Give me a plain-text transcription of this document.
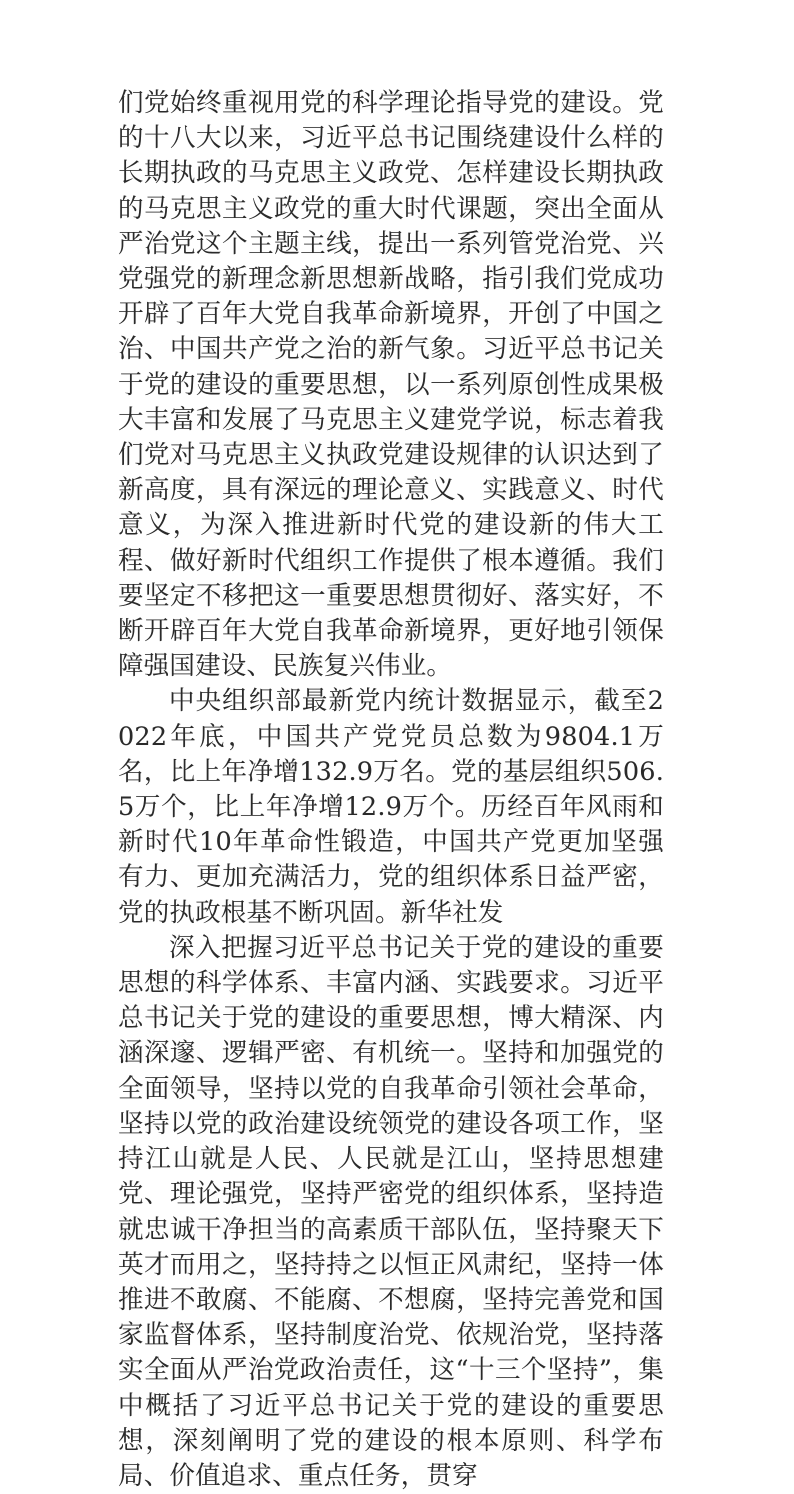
们党始终重视用党的科学理论指导党的建设。党的十八大以来，习近平总书记围绕建设什么样的长期执政的马克思主义政党、怎样建设长期执政的马克思主义政党的重大时代课题，突出全面从严治党这个主题主线，提出一系列管党治党、兴党强党的新理念新思想新战略，指引我们党成功开辟了百年大党自我革命新境界，开创了中国之治、中国共产党之治的新气象。习近平总书记关于党的建设的重要思想，以一系列原创性成果极大丰富和发展了马克思主义建党学说，标志着我们党对马克思主义执政党建设规律的认识达到了新高度，具有深远的理论意义、实践意义、时代意义，为深入推进新时代党的建设新的伟大工程、做好新时代组织工作提供了根本遵循。我们要坚定不移把这一重要思想贯彻好、落实好，不断开辟百年大党自我革命新境界，更好地引领保障强国建设、民族复兴伟业。

中央组织部最新党内统计数据显示，截至2022年底，中国共产党党员总数为9804.1万名，比上年净增132.9万名。党的基层组织506.5万个，比上年净增12.9万个。历经百年风雨和新时代10年革命性锻造，中国共产党更加坚强有力、更加充满活力，党的组织体系日益严密，党的执政根基不断巩固。新华社发

深入把握习近平总书记关于党的建设的重要思想的科学体系、丰富内涵、实践要求。习近平总书记关于党的建设的重要思想，博大精深、内涵深邃、逻辑严密、有机统一。坚持和加强党的全面领导，坚持以党的自我革命引领社会革命，坚持以党的政治建设统领党的建设各项工作，坚持江山就是人民、人民就是江山，坚持思想建党、理论强党，坚持严密党的组织体系，坚持造就忠诚干净担当的高素质干部队伍，坚持聚天下英才而用之，坚持持之以恒正风肃纪，坚持一体推进不敢腐、不能腐、不想腐，坚持完善党和国家监督体系，坚持制度治党、依规治党，坚持落实全面从严治党政治责任，这“十三个坚持”，集中概括了习近平总书记关于党的建设的重要思想，深刻阐明了党的建设的根本原则、科学布局、价值追求、重点任务，贯穿
